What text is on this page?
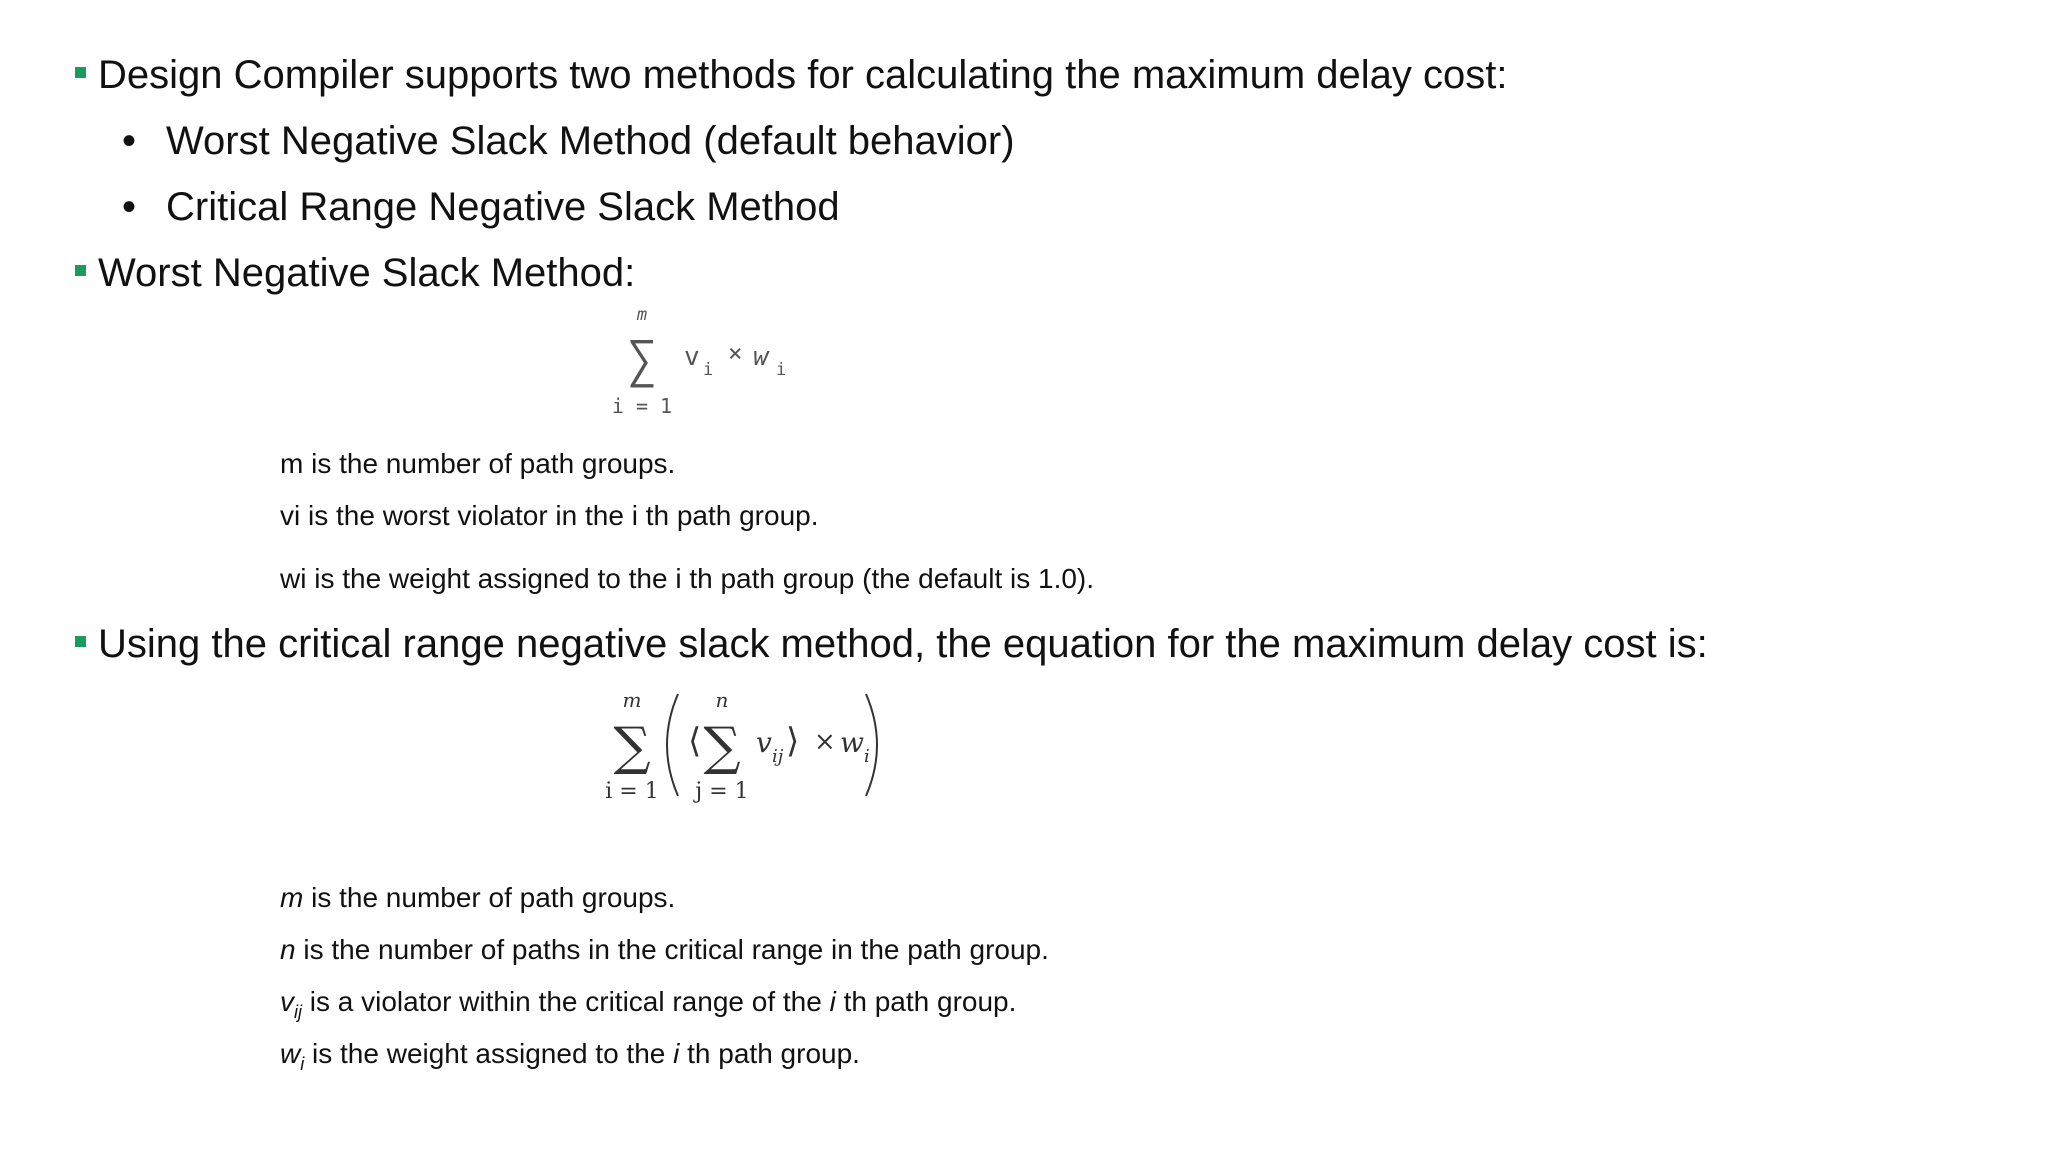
Design Compiler supports two methods for calculating the maximum delay cost:
• Worst Negative Slack Method (default behavior)
• Critical Range Negative Slack Method
Worst Negative Slack Method:
m
∑
i = 1
v i
× w i
m is the number of path groups.
vi is the worst violator in the i th path group.
wi is the weight assigned to the i th path group (the default is 1.0).
Using the critical range negative slack method, the equation for the maximum delay cost is:
m
∑
i = 1
⟨
n
∑
j = 1
v ij ⟩ × w i
m is the number of path groups.
n is the number of paths in the critical range in the path group.
$v_{ij}$ is a violator within the critical range of the i th path group.
$w_i$ is the weight assigned to the i th path group.
